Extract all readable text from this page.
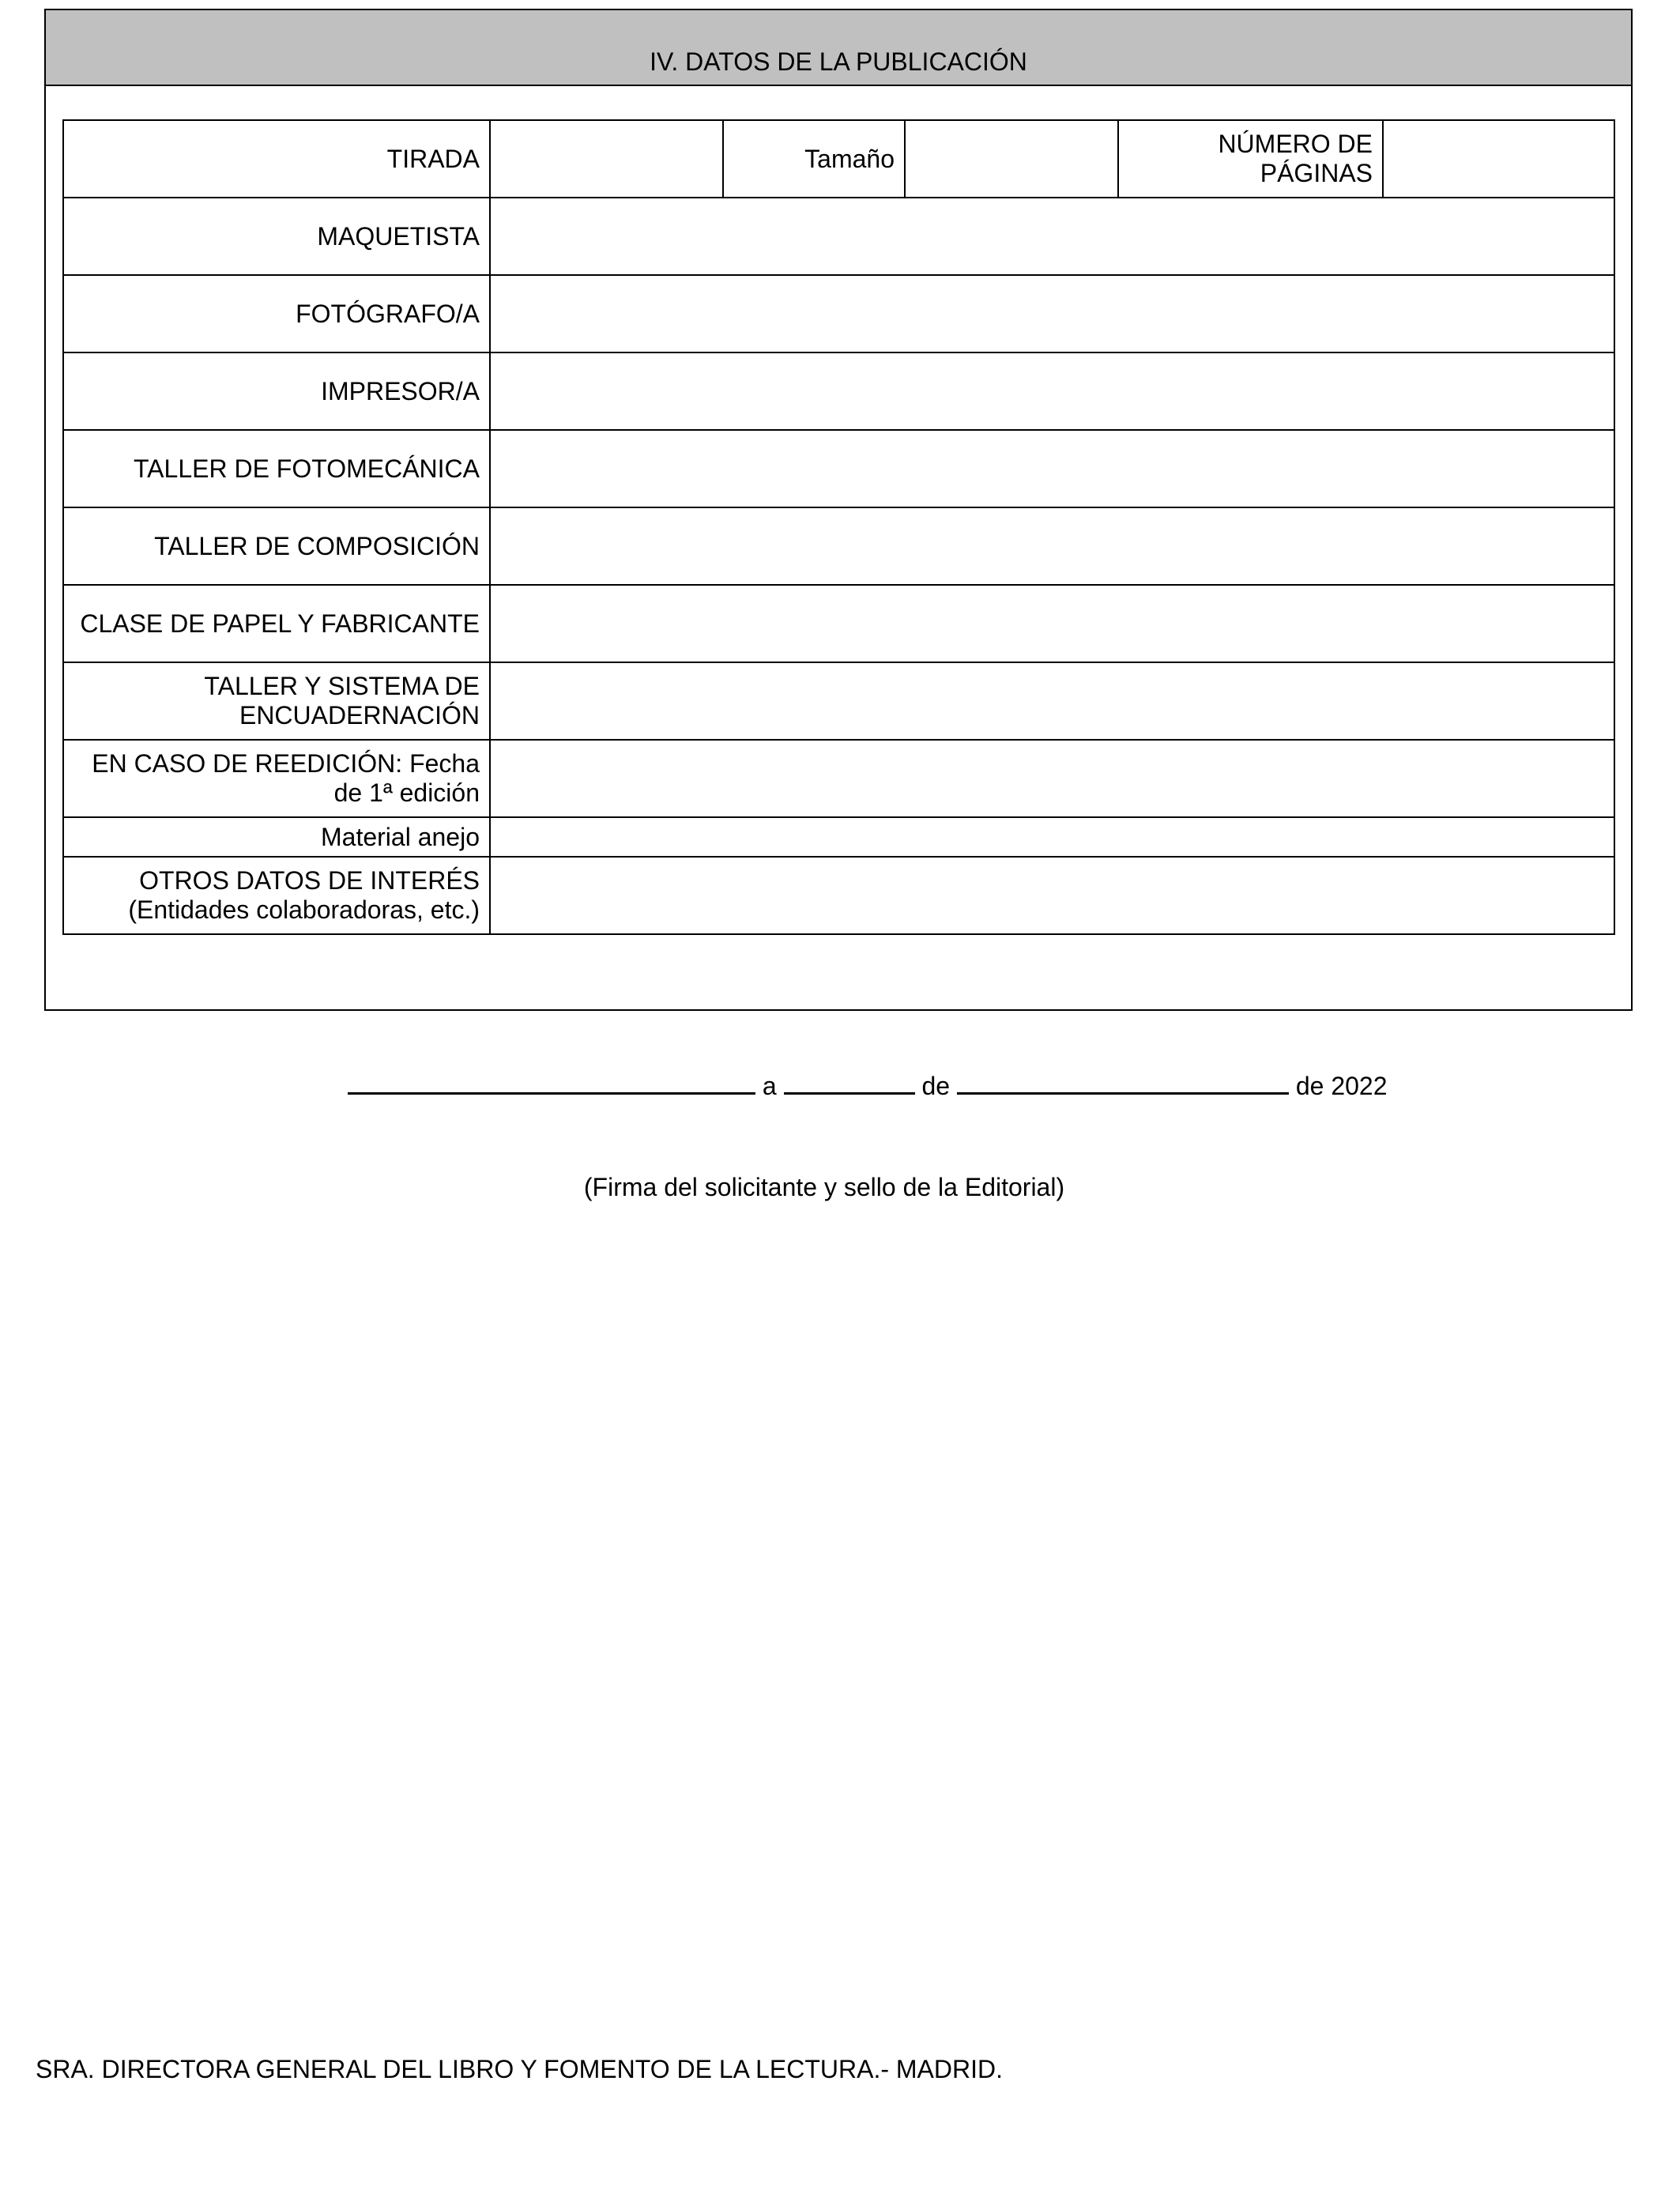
IV. DATOS DE LA PUBLICACIÓN
TIRADA		Tamaño		NÚMERO DE PÁGINAS	
MAQUETISTA					
FOTÓGRAFO/A					
IMPRESOR/A					
TALLER DE FOTOMECÁNICA					
TALLER DE COMPOSICIÓN					
CLASE DE PAPEL Y FABRICANTE					
TALLER Y SISTEMA DE ENCUADERNACIÓN					
EN CASO DE REEDICIÓN: Fecha de 1ª edición					
Material anejo					
OTROS DATOS DE INTERÉS (Entidades colaboradoras, etc.)					
a	de	de 2022
(Firma del solicitante y sello de la Editorial)
SRA. DIRECTORA GENERAL DEL LIBRO Y FOMENTO DE LA LECTURA.- MADRID.
